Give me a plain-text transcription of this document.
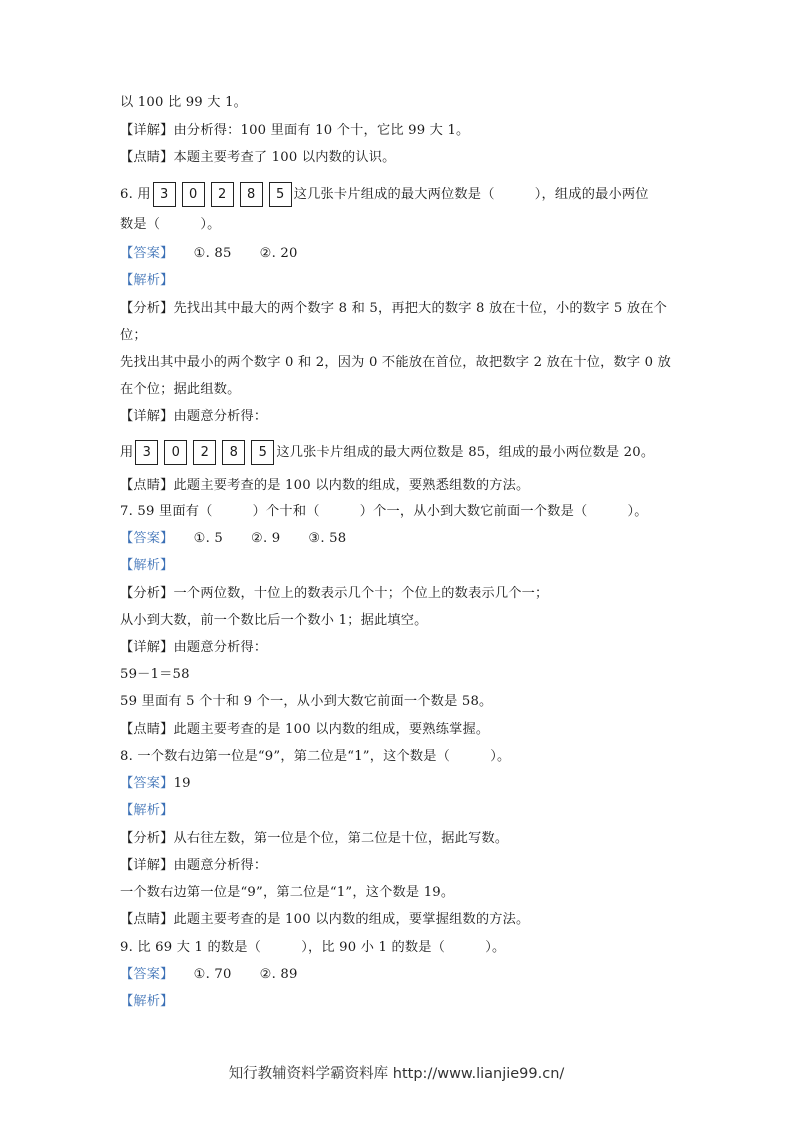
以 100 比 99 大 1。
【详解】由分析得：100 里面有 10 个十，它比 99 大 1。
【点睛】本题主要考查了 100 以内数的认识。
6. 用 3	0	2	8	5 这几张卡片组成的最大两位数是（　　　），组成的最小两位
数是（　　　）。
【答案】 ①. 85 ②. 20
【解析】
【分析】先找出其中最大的两个数字 8 和 5，再把大的数字 8 放在十位，小的数字 5 放在个
位；
先找出其中最小的两个数字 0 和 2，因为 0 不能放在首位，故把数字 2 放在十位，数字 0 放
在个位；据此组数。
【详解】由题意分析得：
用 3	0	2	8	5 这几张卡片组成的最大两位数是 85，组成的最小两位数是 20。
【点睛】此题主要考查的是 100 以内数的组成，要熟悉组数的方法。
7. 59 里面有（　　　）个十和（　　　）个一，从小到大数它前面一个数是（　　　）。
【答案】 ①. 5 ②. 9 ③. 58
【解析】
【分析】一个两位数，十位上的数表示几个十；个位上的数表示几个一；
从小到大数，前一个数比后一个数小 1；据此填空。
【详解】由题意分析得：
59－1＝58
59 里面有 5 个十和 9 个一，从小到大数它前面一个数是 58。
【点睛】此题主要考查的是 100 以内数的组成，要熟练掌握。
8. 一个数右边第一位是“9”，第二位是“1”，这个数是（　　　）。
【答案】19
【解析】
【分析】从右往左数，第一位是个位，第二位是十位，据此写数。
【详解】由题意分析得：
一个数右边第一位是“9”，第二位是“1”，这个数是 19。
【点睛】此题主要考查的是 100 以内数的组成，要掌握组数的方法。
9. 比 69 大 1 的数是（　　　），比 90 小 1 的数是（　　　）。
【答案】 ①. 70 ②. 89
【解析】
知行教辅资料学霸资料库 http://www.lianjie99.cn/
